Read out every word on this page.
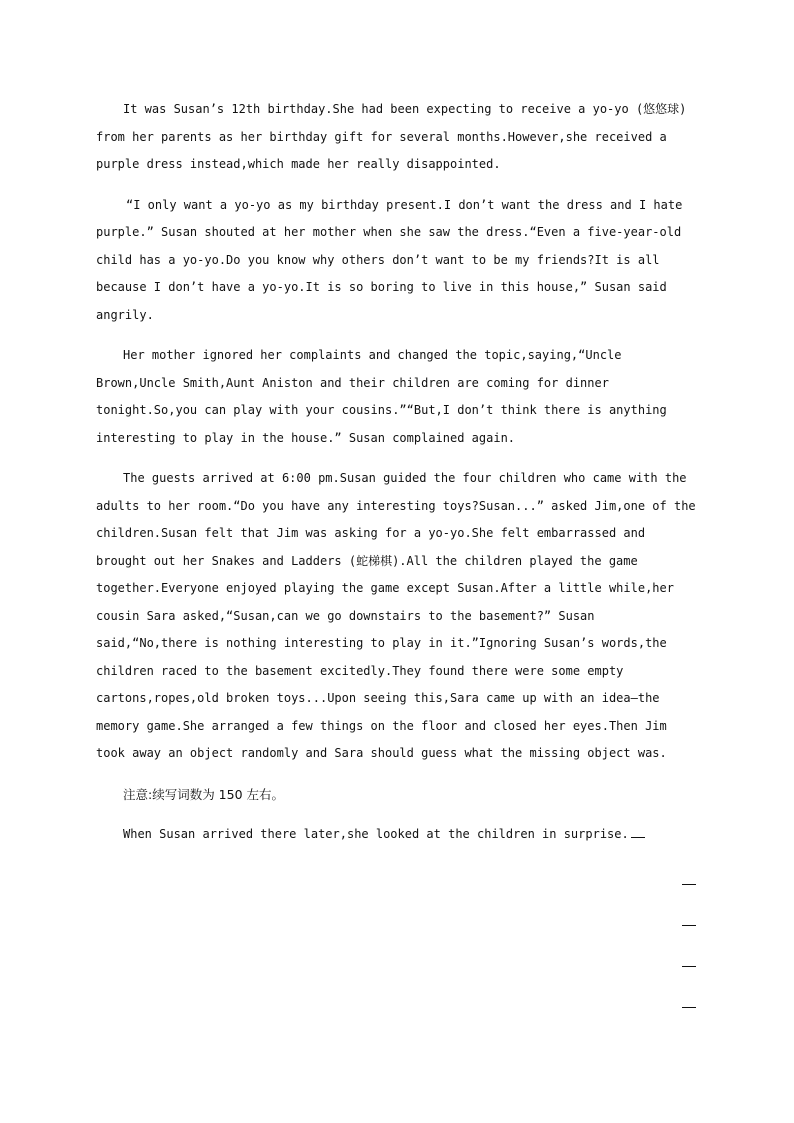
It was Susan’s 12th birthday.She had been expecting to receive a yo-yo (悠悠球) from her parents as her birthday gift for several months.However,she received a purple dress instead,which made her really disappointed.

“I only want a yo-yo as my birthday present.I don’t want the dress and I hate purple.” Susan shouted at her mother when she saw the dress.“Even a five-year-old child has a yo-yo.Do you know why others don’t want to be my friends?It is all because I don’t have a yo-yo.It is so boring to live in this house,” Susan said angrily.

Her mother ignored her complaints and changed the topic,saying,“Uncle Brown,Uncle Smith,Aunt Aniston and their children are coming for dinner tonight.So,you can play with your cousins.”“But,I don’t think there is anything interesting to play in the house.” Susan complained again.

The guests arrived at 6:00 pm.Susan guided the four children who came with the adults to her room.“Do you have any interesting toys?Susan...” asked Jim,one of the children.Susan felt that Jim was asking for a yo-yo.She felt embarrassed and brought out her Snakes and Ladders (蛇梯棋).All the children played the game together.Everyone enjoyed playing the game except Susan.After a little while,her cousin Sara asked,“Susan,can we go downstairs to the basement?” Susan said,“No,there is nothing interesting to play in it.”Ignoring Susan’s words,the children raced to the basement excitedly.They found there were some empty cartons,ropes,old broken toys...Upon seeing this,Sara came up with an idea—the memory game.She arranged a few things on the floor and closed her eyes.Then Jim took away an object randomly and Sara should guess what the missing object was.

注意:续写词数为 150 左右。

When Susan arrived there later,she looked at the children in surprise.
